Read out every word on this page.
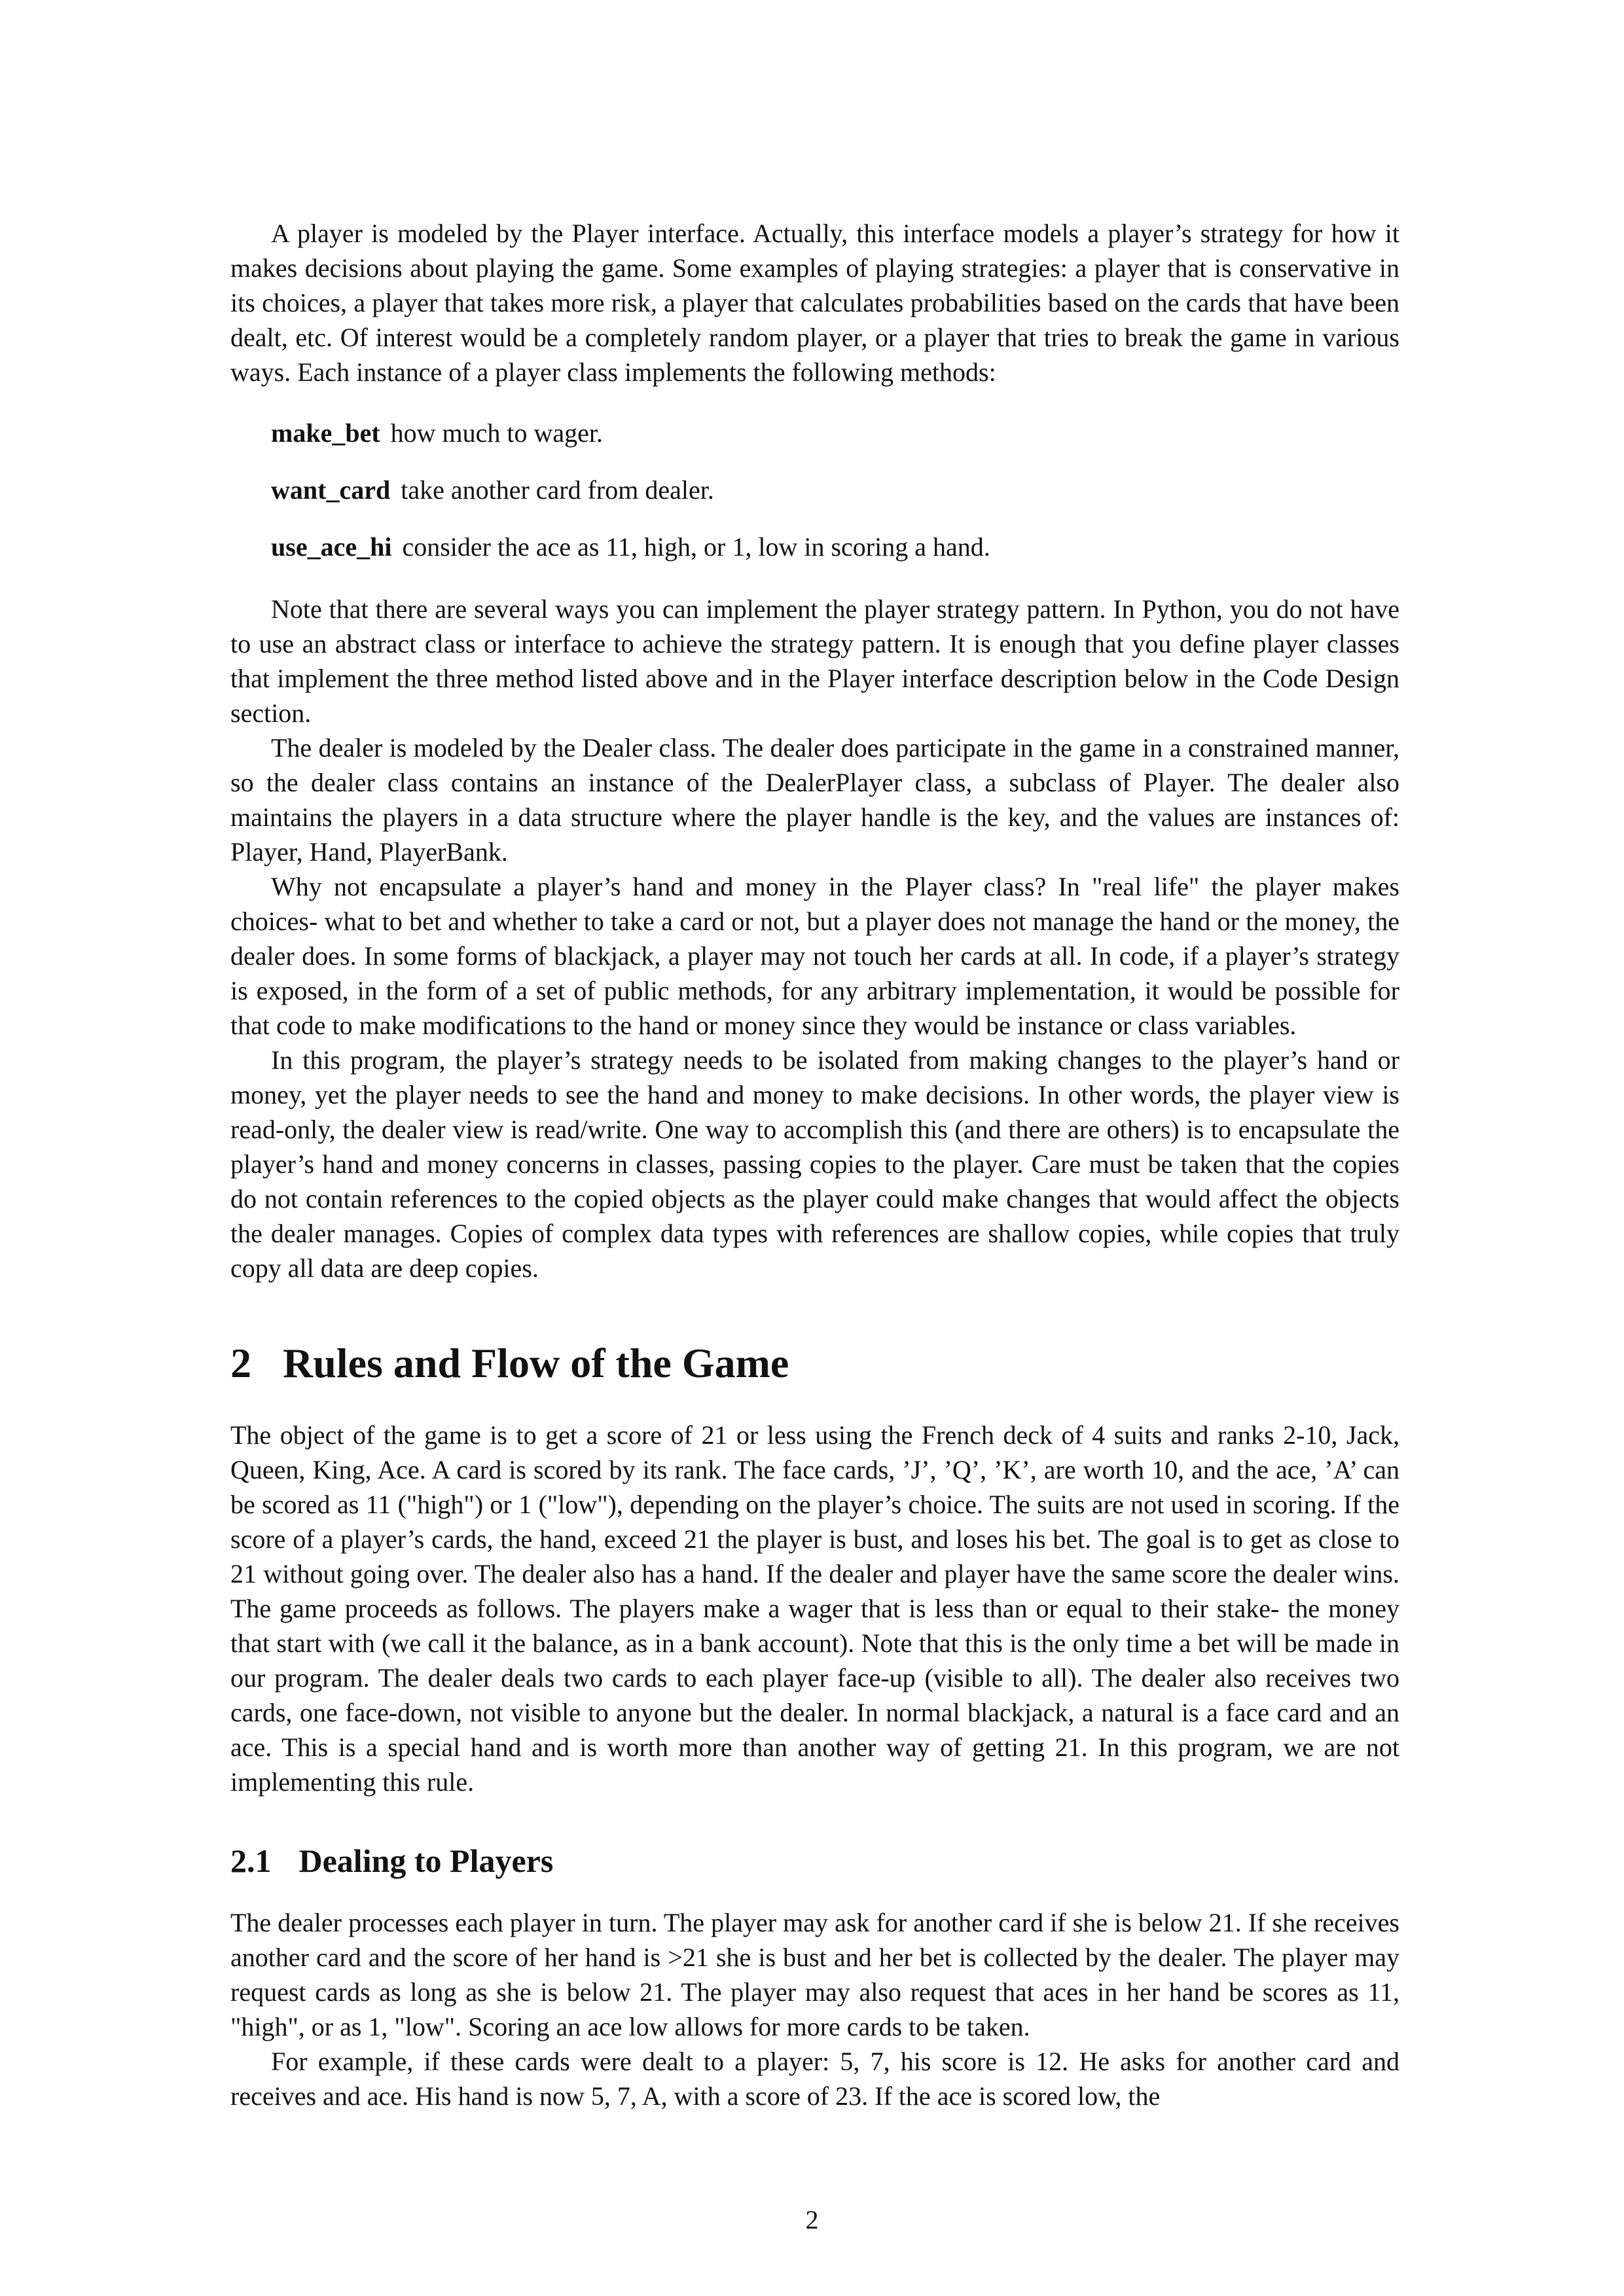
A player is modeled by the Player interface. Actually, this interface models a player’s strategy for how it makes decisions about playing the game. Some examples of playing strategies: a player that is conservative in its choices, a player that takes more risk, a player that calculates probabilities based on the cards that have been dealt, etc. Of interest would be a completely random player, or a player that tries to break the game in various ways. Each instance of a player class implements the following methods:

make_bet how much to wager.
want_card take another card from dealer.
use_ace_hi consider the ace as 11, high, or 1, low in scoring a hand.

Note that there are several ways you can implement the player strategy pattern. In Python, you do not have to use an abstract class or interface to achieve the strategy pattern. It is enough that you define player classes that implement the three method listed above and in the Player interface description below in the Code Design section.

The dealer is modeled by the Dealer class. The dealer does participate in the game in a constrained manner, so the dealer class contains an instance of the DealerPlayer class, a subclass of Player. The dealer also maintains the players in a data structure where the player handle is the key, and the values are instances of: Player, Hand, PlayerBank.

Why not encapsulate a player’s hand and money in the Player class? In "real life" the player makes choices- what to bet and whether to take a card or not, but a player does not manage the hand or the money, the dealer does. In some forms of blackjack, a player may not touch her cards at all. In code, if a player’s strategy is exposed, in the form of a set of public methods, for any arbitrary implementation, it would be possible for that code to make modifications to the hand or money since they would be instance or class variables.

In this program, the player’s strategy needs to be isolated from making changes to the player’s hand or money, yet the player needs to see the hand and money to make decisions. In other words, the player view is read-only, the dealer view is read/write. One way to accomplish this (and there are others) is to encapsulate the player’s hand and money concerns in classes, passing copies to the player. Care must be taken that the copies do not contain references to the copied objects as the player could make changes that would affect the objects the dealer manages. Copies of complex data types with references are shallow copies, while copies that truly copy all data are deep copies.

2 Rules and Flow of the Game

The object of the game is to get a score of 21 or less using the French deck of 4 suits and ranks 2-10, Jack, Queen, King, Ace. A card is scored by its rank. The face cards, ’J’, ’Q’, ’K’, are worth 10, and the ace, ’A’ can be scored as 11 ("high") or 1 ("low"), depending on the player’s choice. The suits are not used in scoring. If the score of a player’s cards, the hand, exceed 21 the player is bust, and loses his bet. The goal is to get as close to 21 without going over. The dealer also has a hand. If the dealer and player have the same score the dealer wins. The game proceeds as follows. The players make a wager that is less than or equal to their stake- the money that start with (we call it the balance, as in a bank account). Note that this is the only time a bet will be made in our program. The dealer deals two cards to each player face-up (visible to all). The dealer also receives two cards, one face-down, not visible to anyone but the dealer. In normal blackjack, a natural is a face card and an ace. This is a special hand and is worth more than another way of getting 21. In this program, we are not implementing this rule.

2.1 Dealing to Players

The dealer processes each player in turn. The player may ask for another card if she is below 21. If she receives another card and the score of her hand is >21 she is bust and her bet is collected by the dealer. The player may request cards as long as she is below 21. The player may also request that aces in her hand be scores as 11, "high", or as 1, "low". Scoring an ace low allows for more cards to be taken.

For example, if these cards were dealt to a player: 5, 7, his score is 12. He asks for another card and receives and ace. His hand is now 5, 7, A, with a score of 23. If the ace is scored low, the

2
